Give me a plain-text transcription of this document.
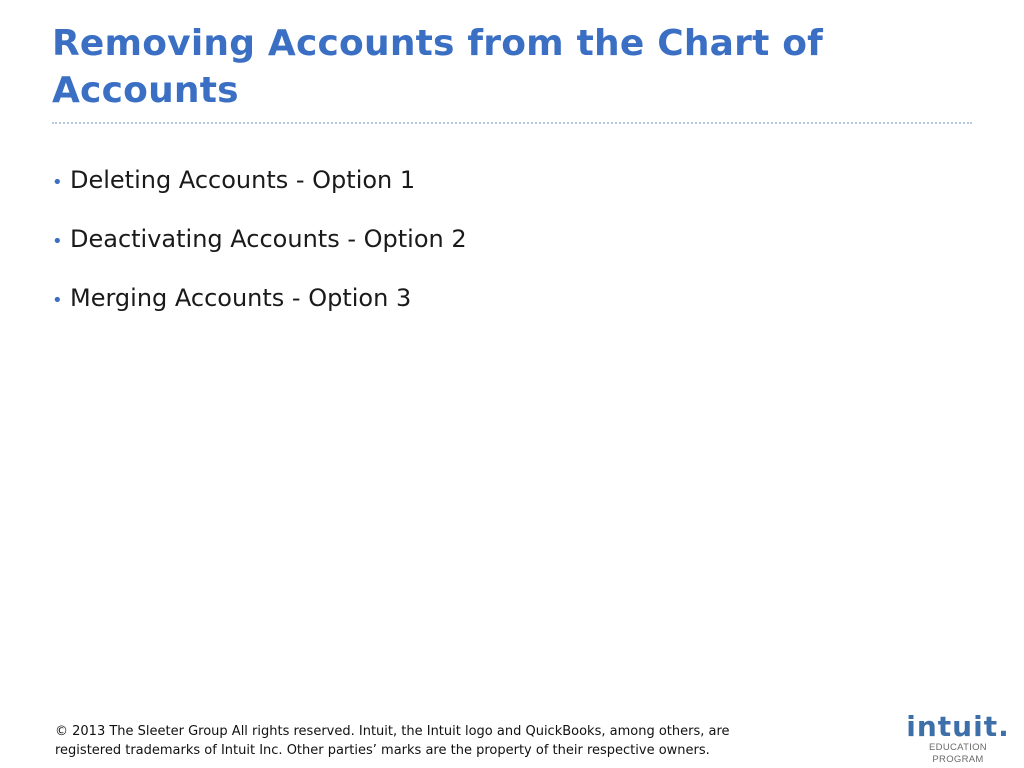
Removing Accounts from the Chart of Accounts
• Deleting Accounts - Option 1
• Deactivating Accounts - Option 2
• Merging Accounts - Option 3

© 2013 The Sleeter Group All rights reserved. Intuit, the Intuit logo and QuickBooks, among others, are
registered trademarks of Intuit Inc. Other parties’ marks are the property of their respective owners.

intuit.
EDUCATION PROGRAM
